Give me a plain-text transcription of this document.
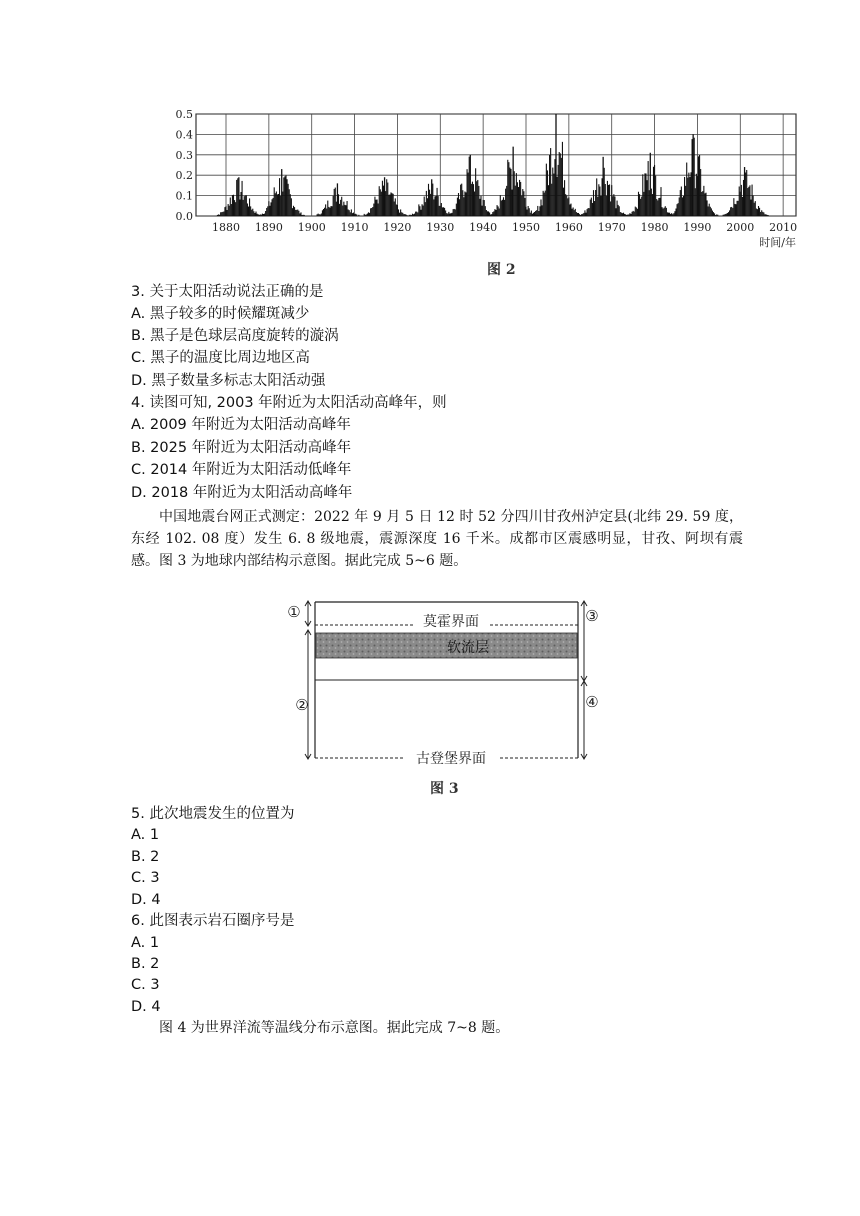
0.0
0.1
0.2
0.3
0.4
0.5
1880 1890 1900 1910 1920 1930 1940 1950 1960 1970 1980 1990 2000 2010
时间/年
图 2
3. 关于太阳活动说法正确的是
A. 黑子较多的时候耀斑减少
B. 黑子是色球层高度旋转的漩涡
C. 黑子的温度比周边地区高
D. 黑子数量多标志太阳活动强
4. 读图可知, 2003 年附近为太阳活动高峰年，则
A. 2009 年附近为太阳活动高峰年
B. 2025 年附近为太阳活动高峰年
C. 2014 年附近为太阳活动低峰年
D. 2018 年附近为太阳活动高峰年

中国地震台网正式测定：2022 年 9 月 5 日 12 时 52 分四川甘孜州泸定县(北纬 29. 59 度，东经 102. 08 度）发生 6. 8 级地震，震源深度 16 千米。成都市区震感明显，甘孜、阿坝有震感。图 3 为地球内部结构示意图。据此完成 5~6 题。

莫霍界面
软流层
古登堡界面
①
②
③
④
图 3
5. 此次地震发生的位置为
A. 1
B. 2
C. 3
D. 4
6. 此图表示岩石圈序号是
A. 1
B. 2
C. 3
D. 4

图 4 为世界洋流等温线分布示意图。据此完成 7~8 题。
